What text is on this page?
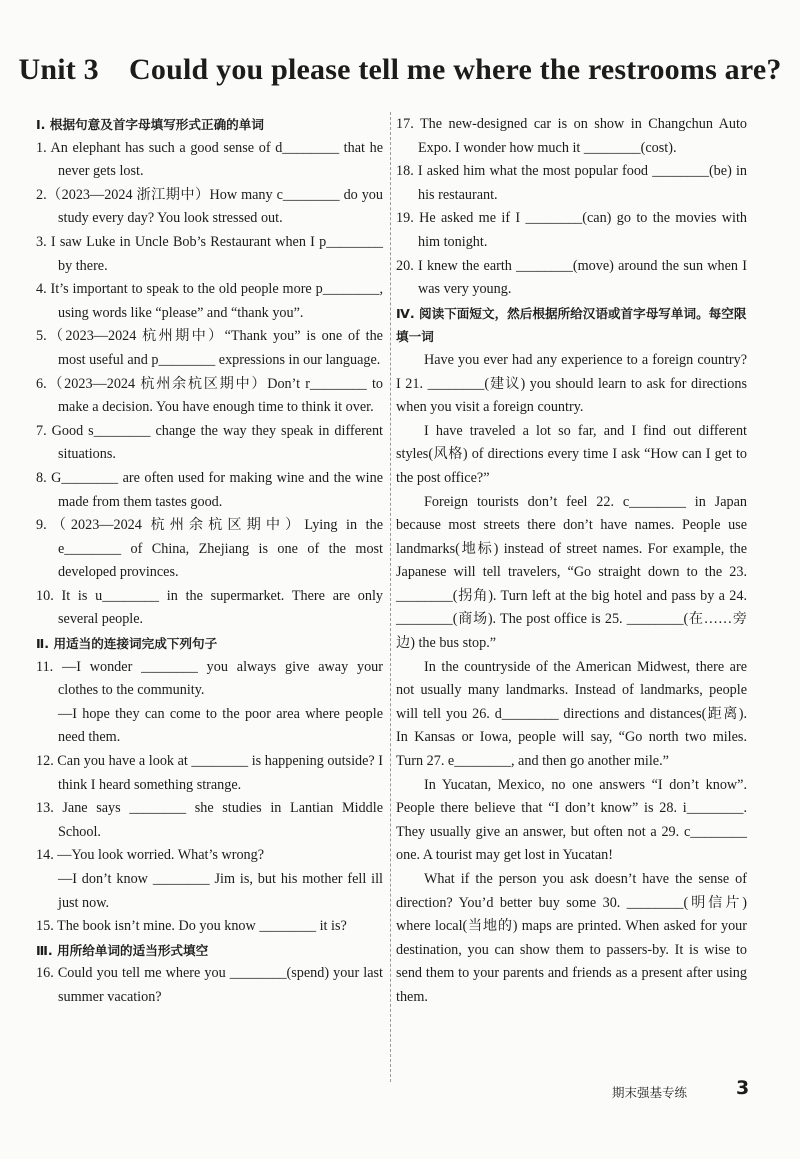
Unit 3　Could you please tell me where the restrooms are?
Ⅰ. 根据句意及首字母填写形式正确的单词
1. An elephant has such a good sense of d________ that he never gets lost.
2.（2023—2024 浙江期中）How many c________ do you study every day? You look stressed out.
3. I saw Luke in Uncle Bob’s Restaurant when I p________ by there.
4. It’s important to speak to the old people more p________, using words like “please” and “thank you”.
5.（2023—2024 杭州期中）“Thank you” is one of the most useful and p________ expressions in our language.
6.（2023—2024 杭州余杭区期中）Don’t r________ to make a decision. You have enough time to think it over.
7. Good s________ change the way they speak in different situations.
8. G________ are often used for making wine and the wine made from them tastes good.
9.（2023—2024 杭州余杭区期中）Lying in the e________ of China, Zhejiang is one of the most developed provinces.
10. It is u________ in the supermarket. There are only several people.
Ⅱ. 用适当的连接词完成下列句子
11. —I wonder ________ you always give away your clothes to the community.
—I hope they can come to the poor area where people need them.
12. Can you have a look at ________ is happening outside? I think I heard something strange.
13. Jane says ________ she studies in Lantian Middle School.
14. —You look worried. What’s wrong?
—I don’t know ________ Jim is, but his mother fell ill just now.
15. The book isn’t mine. Do you know ________ it is?
Ⅲ. 用所给单词的适当形式填空
16. Could you tell me where you ________(spend) your last summer vacation?
17. The new-designed car is on show in Changchun Auto Expo. I wonder how much it ________(cost).
18. I asked him what the most popular food ________(be) in his restaurant.
19. He asked me if I ________(can) go to the movies with him tonight.
20. I knew the earth ________(move) around the sun when I was very young.
Ⅳ. 阅读下面短文，然后根据所给汉语或首字母写单词。每空限填一词
Have you ever had any experience to a foreign country? I 21. ________(建议) you should learn to ask for directions when you visit a foreign country.
I have traveled a lot so far, and I find out different styles(风格) of directions every time I ask “How can I get to the post office?”
Foreign tourists don’t feel 22. c________ in Japan because most streets there don’t have names. People use landmarks(地标) instead of street names. For example, the Japanese will tell travelers, “Go straight down to the 23. ________(拐角). Turn left at the big hotel and pass by a 24. ________(商场). The post office is 25. ________(在……旁边) the bus stop.”
In the countryside of the American Midwest, there are not usually many landmarks. Instead of landmarks, people will tell you 26. d________ directions and distances(距离). In Kansas or Iowa, people will say, “Go north two miles. Turn 27. e________, and then go another mile.”
In Yucatan, Mexico, no one answers “I don’t know”. People there believe that “I don’t know” is 28. i________. They usually give an answer, but often not a 29. c________ one. A tourist may get lost in Yucatan!
What if the person you ask doesn’t have the sense of direction? You’d better buy some 30. ________(明信片) where local(当地的) maps are printed. When asked for your destination, you can show them to passers-by. It is wise to send them to your parents and friends as a present after using them.
期末强基专练	3
